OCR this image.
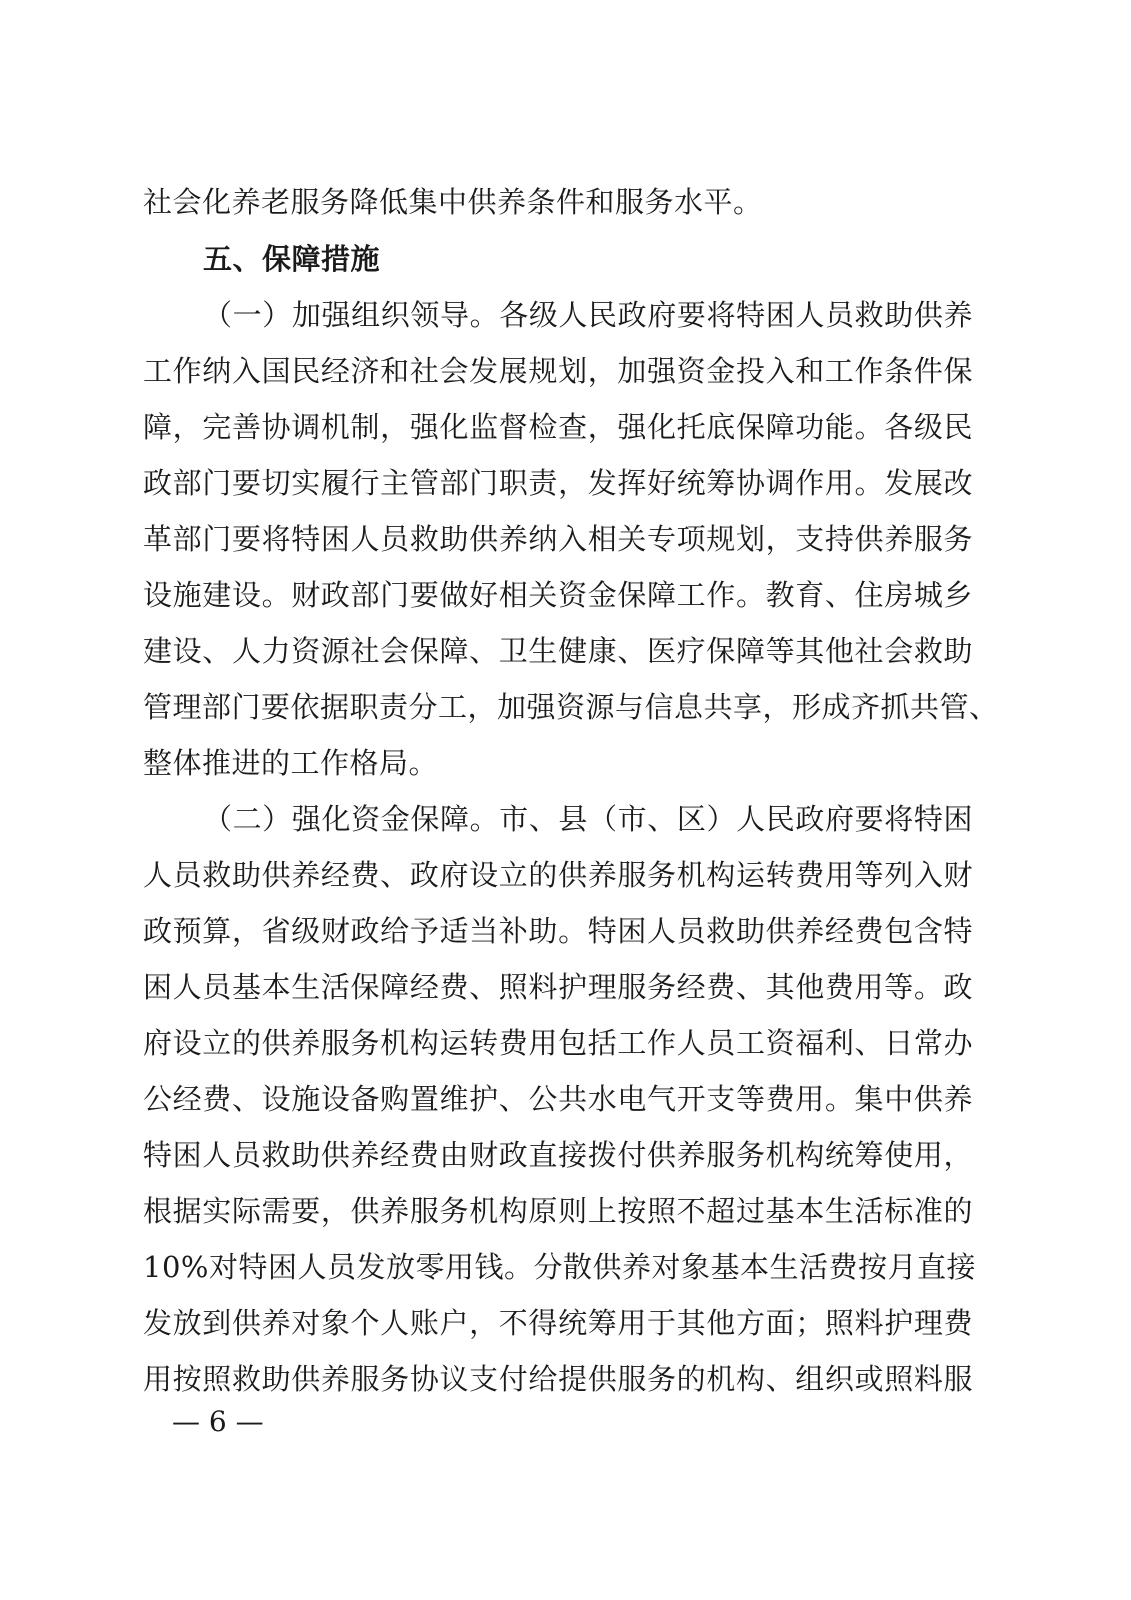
社会化养老服务降低集中供养条件和服务水平。
五、保障措施
（一）加强组织领导。各级人民政府要将特困人员救助供养
工作纳入国民经济和社会发展规划，加强资金投入和工作条件保
障，完善协调机制，强化监督检查，强化托底保障功能。各级民
政部门要切实履行主管部门职责，发挥好统筹协调作用。发展改
革部门要将特困人员救助供养纳入相关专项规划，支持供养服务
设施建设。财政部门要做好相关资金保障工作。教育、住房城乡
建设、人力资源社会保障、卫生健康、医疗保障等其他社会救助
管理部门要依据职责分工，加强资源与信息共享，形成齐抓共管、
整体推进的工作格局。
（二）强化资金保障。市、县（市、区）人民政府要将特困
人员救助供养经费、政府设立的供养服务机构运转费用等列入财
政预算，省级财政给予适当补助。特困人员救助供养经费包含特
困人员基本生活保障经费、照料护理服务经费、其他费用等。政
府设立的供养服务机构运转费用包括工作人员工资福利、日常办
公经费、设施设备购置维护、公共水电气开支等费用。集中供养
特困人员救助供养经费由财政直接拨付供养服务机构统筹使用，
根据实际需要，供养服务机构原则上按照不超过基本生活标准的
10%对特困人员发放零用钱。分散供养对象基本生活费按月直接
发放到供养对象个人账户，不得统筹用于其他方面；照料护理费
用按照救助供养服务协议支付给提供服务的机构、组织或照料服
— 6 —
